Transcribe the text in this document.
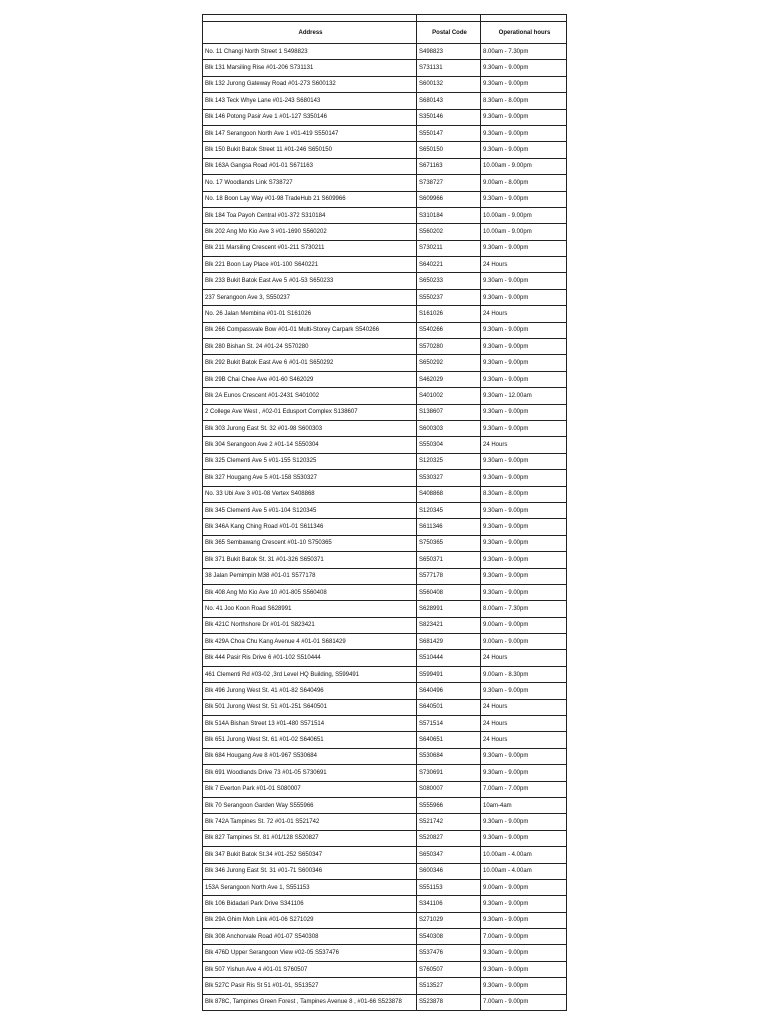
Address	Postal Code	Operational hours
No. 11 Changi North Street 1 S498823	S498823	8.00am - 7.30pm
Blk 131 Marsiling Rise #01-206 S731131	S731131	9.30am - 9.00pm
Blk 132 Jurong Gateway Road #01-273 S600132	S600132	9.30am - 9.00pm
Blk 143 Teck Whye Lane #01-243 S680143	S680143	8.30am - 8.00pm
Blk 146 Potong Pasir Ave 1 #01-127 S350146	S350146	9.30am - 9.00pm
Blk 147 Serangoon North Ave 1 #01-419 S550147	S550147	9.30am - 9.00pm
Blk 150 Bukit Batok Street 11 #01-246 S650150	S650150	9.30am - 9.00pm
Blk 163A Gangsa Road #01-01 S671163	S671163	10.00am - 9.00pm
No. 17 Woodlands Link S738727	S738727	9.00am - 8.00pm
No. 18 Boon Lay Way #01-98 TradeHub 21 S609966	S609966	9.30am - 9.00pm
Blk 184 Toa Payoh Central #01-372 S310184	S310184	10.00am - 9.00pm
Blk 202 Ang Mo Kio Ave 3 #01-1690 S560202	S560202	10.00am - 9.00pm
Blk 211 Marsiling Crescent #01-211 S730211	S730211	9.30am - 9.00pm
Blk 221 Boon Lay Place #01-100 S640221	S640221	24 Hours
Blk 233 Bukit Batok East Ave 5 #01-53 S650233	S650233	9.30am - 9.00pm
237 Serangoon Ave 3, S550237	S550237	9.30am - 9.00pm
No. 26 Jalan Membina #01-01 S161026	S161026	24 Hours
Blk 266 Compassvale Bow #01-01 Multi-Storey Carpark S540266	S540266	9.30am - 9.00pm
Blk 280 Bishan St. 24 #01-24 S570280	S570280	9.30am - 9.00pm
Blk 292 Bukit Batok East Ave 6 #01-01 S650292	S650292	9.30am - 9.00pm
Blk 29B Chai Chee Ave #01-60 S462029	S462029	9.30am - 9.00pm
Blk 2A Eunos Crescent #01-2431 S401002	S401002	9.30am - 12.00am
2 College Ave West , #02-01 Edusport Complex S138607	S138607	9.30am - 9.00pm
Blk 303 Jurong East St. 32 #01-98 S600303	S600303	9.30am - 9.00pm
Blk 304 Serangoon Ave 2 #01-14 S550304	S550304	24 Hours
Blk 325 Clementi Ave 5 #01-155 S120325	S120325	9.30am - 9.00pm
Blk 327 Hougang Ave 5 #01-158 S530327	S530327	9.30am - 9.00pm
No. 33 Ubi Ave 3 #01-08 Vertex S408868	S408868	8.30am - 8.00pm
Blk 345 Clementi Ave 5 #01-104 S120345	S120345	9.30am - 9.00pm
Blk 346A Kang Ching Road #01-01 S611346	S611346	9.30am - 9.00pm
Blk 365 Sembawang Crescent #01-10 S750365	S750365	9.30am - 9.00pm
Blk 371 Bukit Batok St. 31 #01-326 S650371	S650371	9.30am - 9.00pm
38 Jalan Pemimpin M38 #01-01 S577178	S577178	9.30am - 9.00pm
Blk 408 Ang Mo Kio Ave 10 #01-805 S560408	S560408	9.30am - 9.00pm
No. 41 Joo Koon Road S628991	S628991	8.00am - 7.30pm
Blk 421C Northshore Dr #01-01 S823421	S823421	9.00am - 9.00pm
Blk 429A Choa Chu Kang Avenue 4 #01-01 S681429	S681429	9.00am - 9.00pm
Blk 444 Pasir Ris Drive 6 #01-102 S510444	S510444	24 Hours
461 Clementi Rd #03-02 ,3rd Level HQ Building, S599491	S599491	9.00am - 8.30pm
Blk 496 Jurong West St. 41 #01-82 S640496	S640496	9.30am - 9.00pm
Blk 501 Jurong West St. 51 #01-251 S640501	S640501	24 Hours
Blk 514A Bishan Street 13 #01-480 S571514	S571514	24 Hours
Blk 651 Jurong West St. 61 #01-02 S640651	S640651	24 Hours
Blk 684 Hougang Ave 8 #01-967 S530684	S530684	9.30am - 9.00pm
Blk 691 Woodlands Drive 73 #01-05 S730691	S730691	9.30am - 9.00pm
Blk 7 Everton Park #01-01 S080007	S080007	7.00am - 7.00pm
Blk 70 Serangoon Garden Way S555966	S555966	10am-4am
Blk 742A Tampines St. 72 #01-01 S521742	S521742	9.30am - 9.00pm
Blk 827 Tampines St. 81 #01/128 S520827	S520827	9.30am - 9.00pm
Blk 347 Bukit Batok St.34 #01-252 S650347	S650347	10.00am - 4.00am
Blk 346 Jurong East St. 31 #01-71 S600346	S600346	10.00am - 4.00am
153A Serangoon North Ave 1, S551153	S551153	9.00am - 9.00pm
Blk 106 Bidadari Park Drive S341106	S341106	9.30am - 9.00pm
Blk 29A Ghim Moh Link #01-06 S271029	S271029	9.30am - 9.00pm
Blk 308 Anchorvale Road #01-07 S540308	S540308	7.00am - 9.00pm
Blk 476D Upper Serangoon View #02-05 S537476	S537476	9.30am - 9.00pm
Blk 507 Yishun Ave 4 #01-01 S760507	S760507	9.30am - 9.00pm
Blk 527C Pasir Ris St 51 #01-01, S513527	S513527	9.30am - 9.00pm
Blk 878C, Tampines Green Forest , Tampines Avenue 8 , #01-66 S523878	S523878	7.00am - 9.00pm
